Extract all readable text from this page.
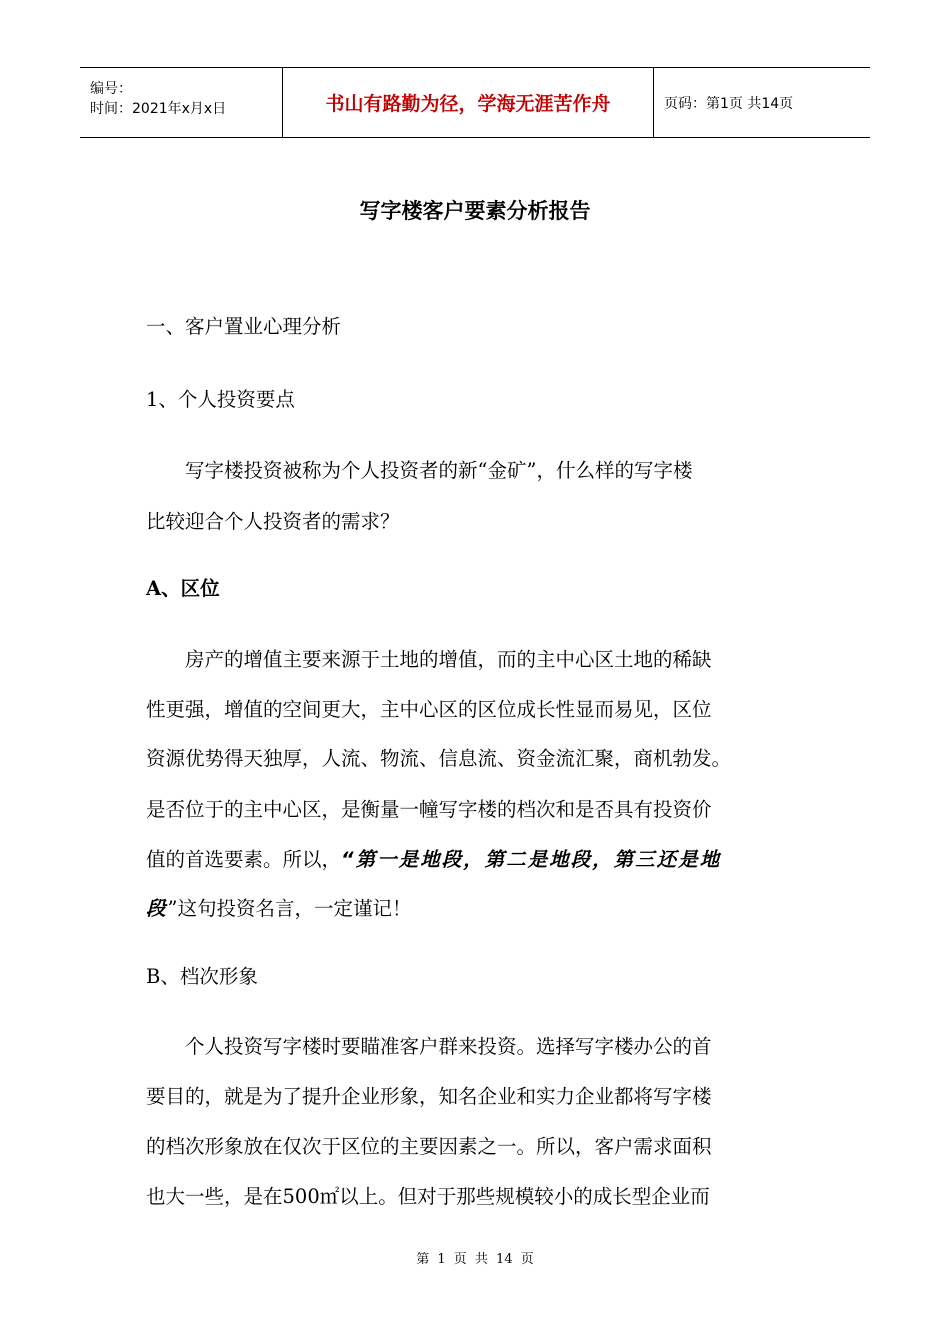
编号：
时间：2021年x月x日	书山有路勤为径，学海无涯苦作舟	页码：第1页 共14页
写字楼客户要素分析报告
一、客户置业心理分析
1、个人投资要点
写字楼投资被称为个人投资者的新“金矿”，什么样的写字楼
比较迎合个人投资者的需求？
A、区位
房产的增值主要来源于土地的增值，而的主中心区土地的稀缺
性更强，增值的空间更大，主中心区的区位成长性显而易见，区位
资源优势得天独厚，人流、物流、信息流、资金流汇聚，商机勃发。
是否位于的主中心区，是衡量一幢写字楼的档次和是否具有投资价
值的首选要素。所以，“第一是地段，第二是地段，第三还是地
段”这句投资名言，一定谨记！
B、档次形象
个人投资写字楼时要瞄准客户群来投资。选择写字楼办公的首
要目的，就是为了提升企业形象，知名企业和实力企业都将写字楼
的档次形象放在仅次于区位的主要因素之一。所以，客户需求面积
也大一些，是在500㎡以上。但对于那些规模较小的成长型企业而
第 1 页 共 14 页
